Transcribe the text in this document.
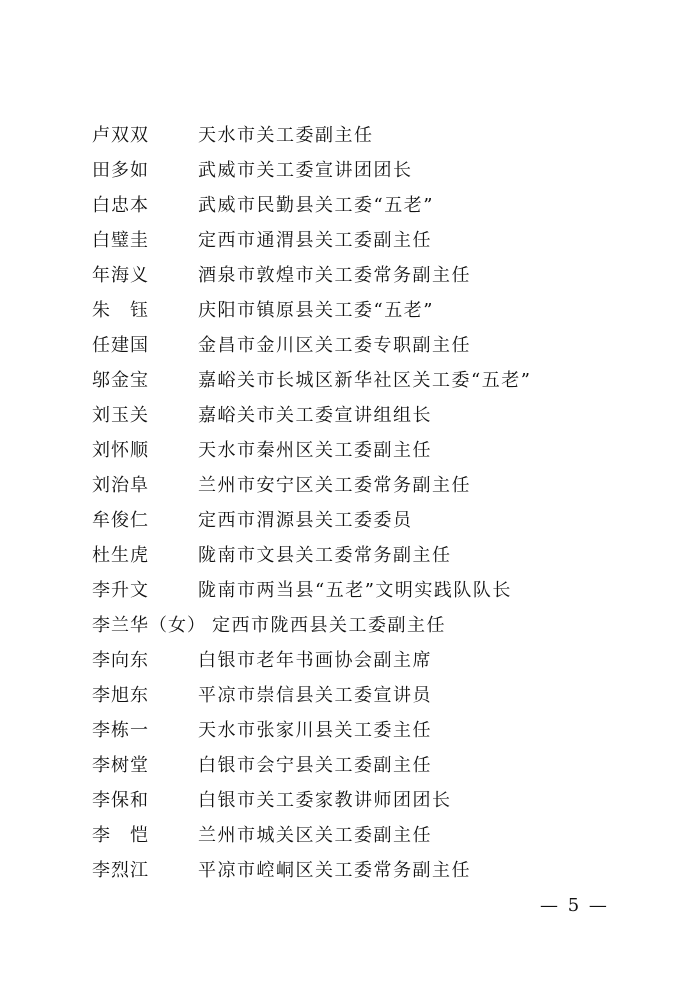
卢双双	天水市关工委副主任
田多如	武威市关工委宣讲团团长
白忠本	武威市民勤县关工委“五老”
白璧圭	定西市通渭县关工委副主任
年海义	酒泉市敦煌市关工委常务副主任
朱　钰	庆阳市镇原县关工委“五老”
任建国	金昌市金川区关工委专职副主任
邬金宝	嘉峪关市长城区新华社区关工委“五老”
刘玉关	嘉峪关市关工委宣讲组组长
刘怀顺	天水市秦州区关工委副主任
刘治阜	兰州市安宁区关工委常务副主任
牟俊仁	定西市渭源县关工委委员
杜生虎	陇南市文县关工委常务副主任
李升文	陇南市两当县“五老”文明实践队队长
李兰华（女） 定西市陇西县关工委副主任
李向东	白银市老年书画协会副主席
李旭东	平凉市崇信县关工委宣讲员
李栋一	天水市张家川县关工委主任
李树堂	白银市会宁县关工委副主任
李保和	白银市关工委家教讲师团团长
李　恺	兰州市城关区关工委副主任
李烈江	平凉市崆峒区关工委常务副主任
— 5 —
